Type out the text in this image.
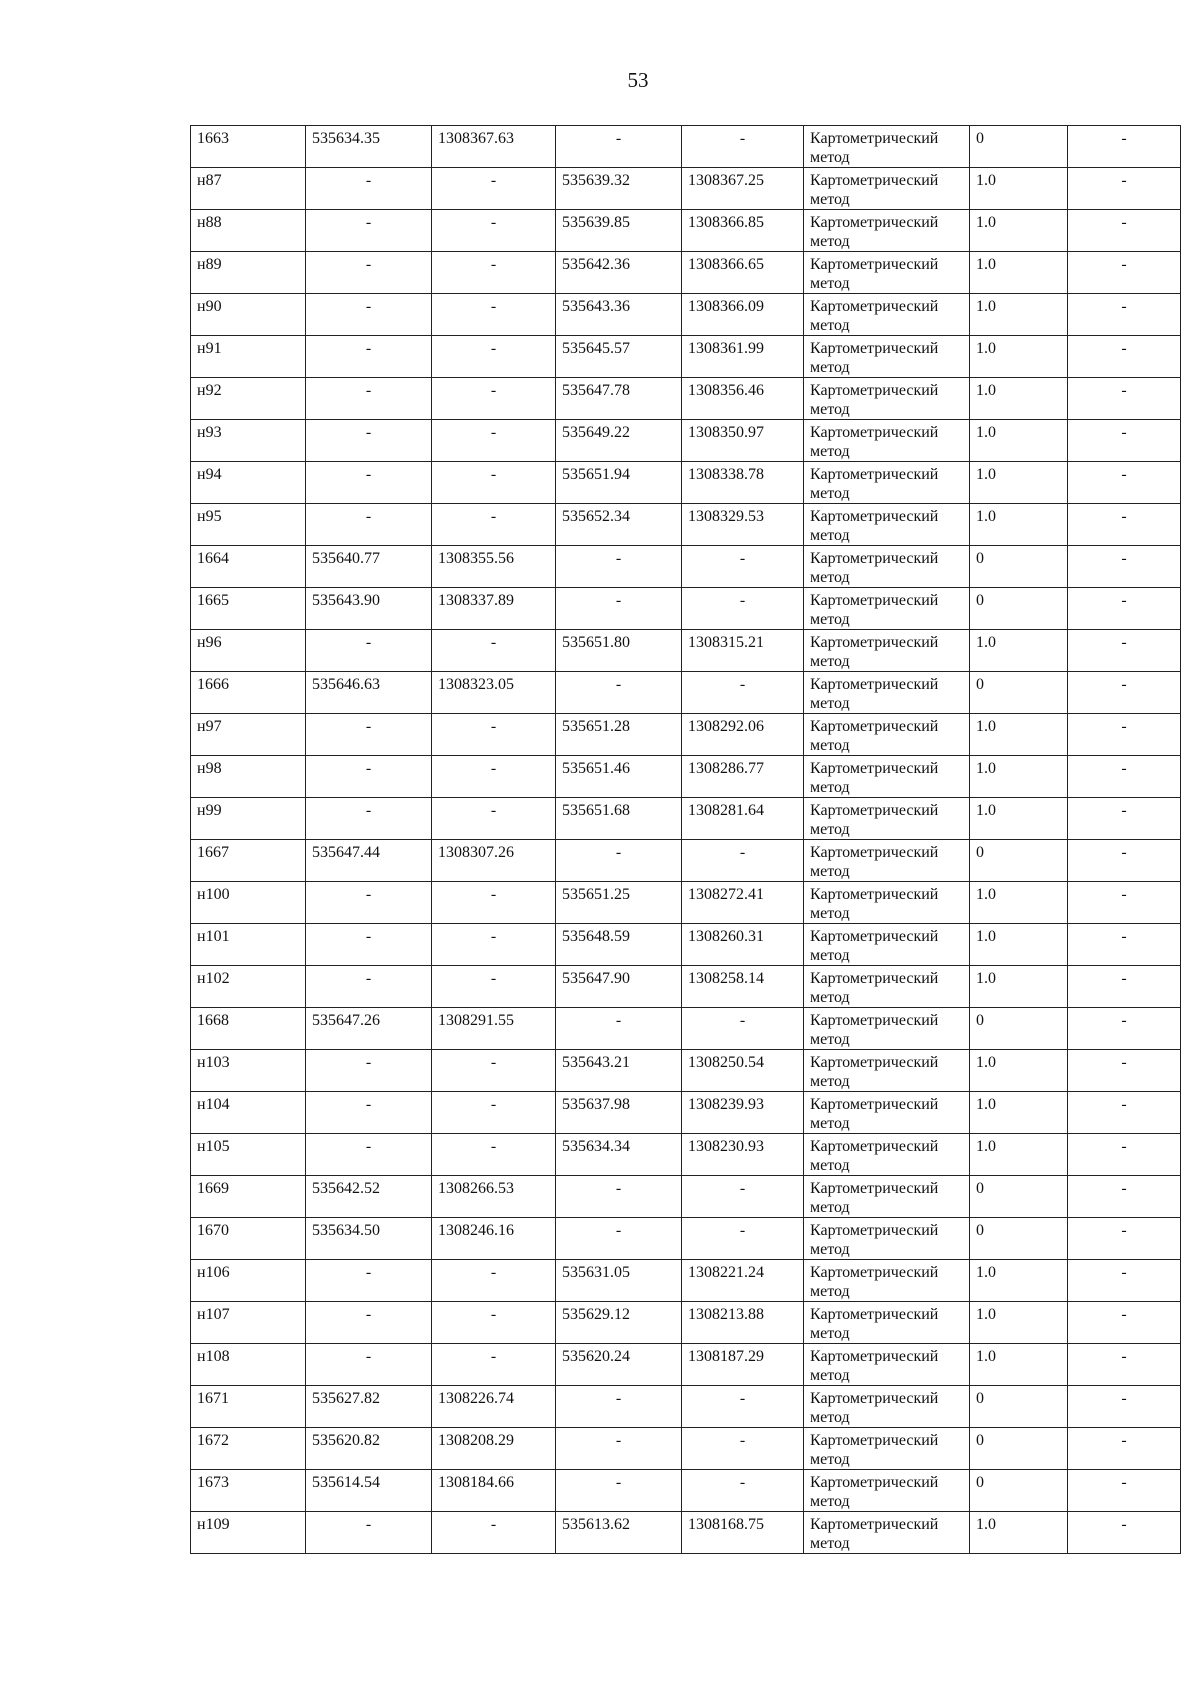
53
1663	535634.35	1308367.63	-	-	Картометрический метод	0	-
н87	-	-	535639.32	1308367.25	Картометрический метод	1.0	-
н88	-	-	535639.85	1308366.85	Картометрический метод	1.0	-
н89	-	-	535642.36	1308366.65	Картометрический метод	1.0	-
н90	-	-	535643.36	1308366.09	Картометрический метод	1.0	-
н91	-	-	535645.57	1308361.99	Картометрический метод	1.0	-
н92	-	-	535647.78	1308356.46	Картометрический метод	1.0	-
н93	-	-	535649.22	1308350.97	Картометрический метод	1.0	-
н94	-	-	535651.94	1308338.78	Картометрический метод	1.0	-
н95	-	-	535652.34	1308329.53	Картометрический метод	1.0	-
1664	535640.77	1308355.56	-	-	Картометрический метод	0	-
1665	535643.90	1308337.89	-	-	Картометрический метод	0	-
н96	-	-	535651.80	1308315.21	Картометрический метод	1.0	-
1666	535646.63	1308323.05	-	-	Картометрический метод	0	-
н97	-	-	535651.28	1308292.06	Картометрический метод	1.0	-
н98	-	-	535651.46	1308286.77	Картометрический метод	1.0	-
н99	-	-	535651.68	1308281.64	Картометрический метод	1.0	-
1667	535647.44	1308307.26	-	-	Картометрический метод	0	-
н100	-	-	535651.25	1308272.41	Картометрический метод	1.0	-
н101	-	-	535648.59	1308260.31	Картометрический метод	1.0	-
н102	-	-	535647.90	1308258.14	Картометрический метод	1.0	-
1668	535647.26	1308291.55	-	-	Картометрический метод	0	-
н103	-	-	535643.21	1308250.54	Картометрический метод	1.0	-
н104	-	-	535637.98	1308239.93	Картометрический метод	1.0	-
н105	-	-	535634.34	1308230.93	Картометрический метод	1.0	-
1669	535642.52	1308266.53	-	-	Картометрический метод	0	-
1670	535634.50	1308246.16	-	-	Картометрический метод	0	-
н106	-	-	535631.05	1308221.24	Картометрический метод	1.0	-
н107	-	-	535629.12	1308213.88	Картометрический метод	1.0	-
н108	-	-	535620.24	1308187.29	Картометрический метод	1.0	-
1671	535627.82	1308226.74	-	-	Картометрический метод	0	-
1672	535620.82	1308208.29	-	-	Картометрический метод	0	-
1673	535614.54	1308184.66	-	-	Картометрический метод	0	-
н109	-	-	535613.62	1308168.75	Картометрический метод	1.0	-
